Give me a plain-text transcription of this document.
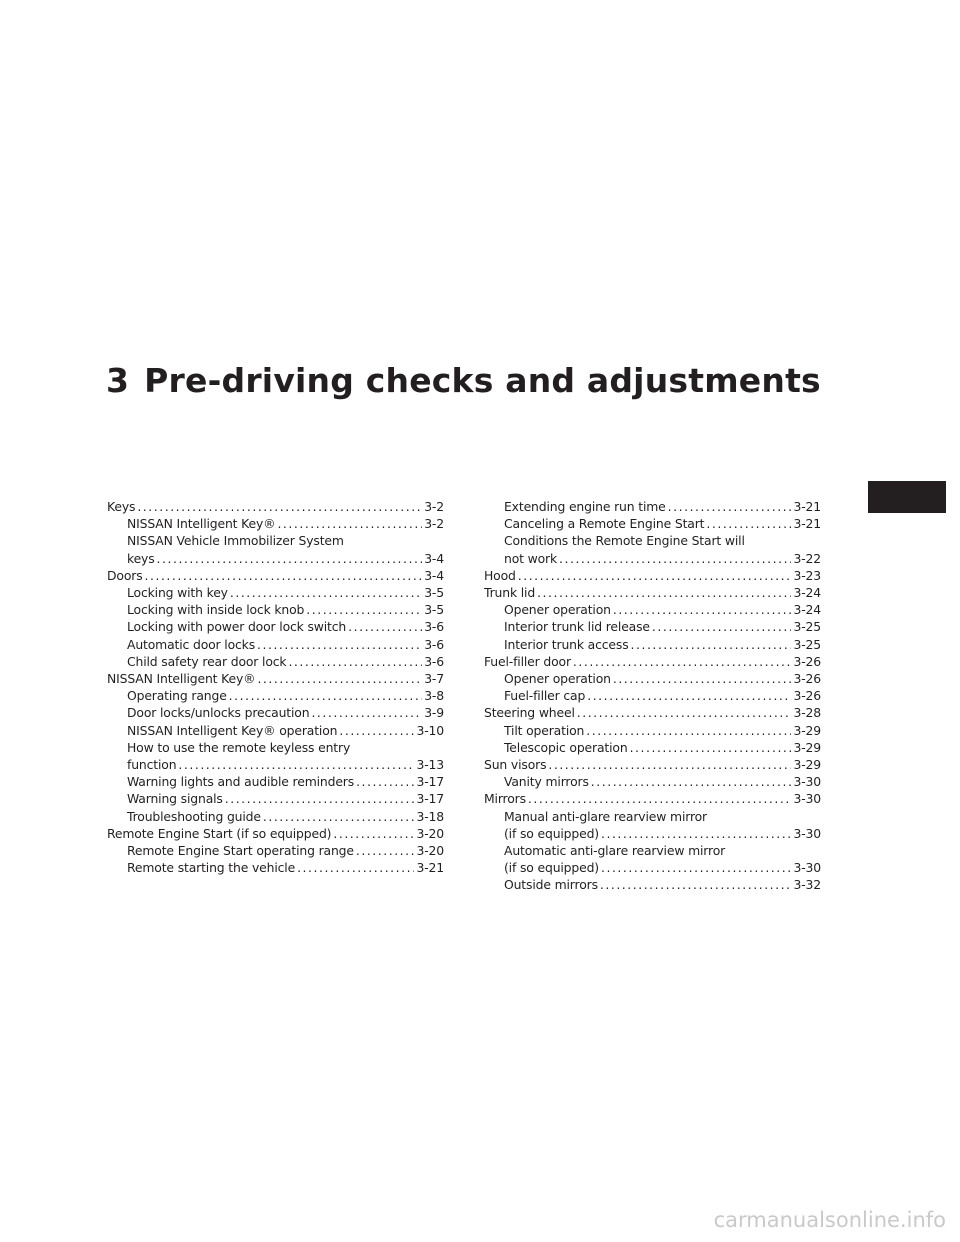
3 Pre-driving checks and adjustments
Keys . . .	3-2
NISSAN Intelligent Key® . . .	3-2
NISSAN Vehicle Immobilizer System
keys . . .	3-4
Doors . . .	3-4
Locking with key . . .	3-5
Locking with inside lock knob . . .	3-5
Locking with power door lock switch . . .	3-6
Automatic door locks . . .	3-6
Child safety rear door lock . . .	3-6
NISSAN Intelligent Key® . . .	3-7
Operating range . . .	3-8
Door locks/unlocks precaution . . .	3-9
NISSAN Intelligent Key® operation . . .	3-10
How to use the remote keyless entry
function . . .	3-13
Warning lights and audible reminders . . .	3-17
Warning signals . . .	3-17
Troubleshooting guide . . .	3-18
Remote Engine Start (if so equipped) . . .	3-20
Remote Engine Start operating range . . .	3-20
Remote starting the vehicle . . .	3-21
Extending engine run time . . .	3-21
Canceling a Remote Engine Start . . .	3-21
Conditions the Remote Engine Start will
not work . . .	3-22
Hood . . .	3-23
Trunk lid . . .	3-24
Opener operation . . .	3-24
Interior trunk lid release . . .	3-25
Interior trunk access . . .	3-25
Fuel-filler door . . .	3-26
Opener operation . . .	3-26
Fuel-filler cap . . .	3-26
Steering wheel . . .	3-28
Tilt operation . . .	3-29
Telescopic operation . . .	3-29
Sun visors . . .	3-29
Vanity mirrors . . .	3-30
Mirrors . . .	3-30
Manual anti-glare rearview mirror
(if so equipped) . . .	3-30
Automatic anti-glare rearview mirror
(if so equipped) . . .	3-30
Outside mirrors . . .	3-32
carmanualsonline.info
